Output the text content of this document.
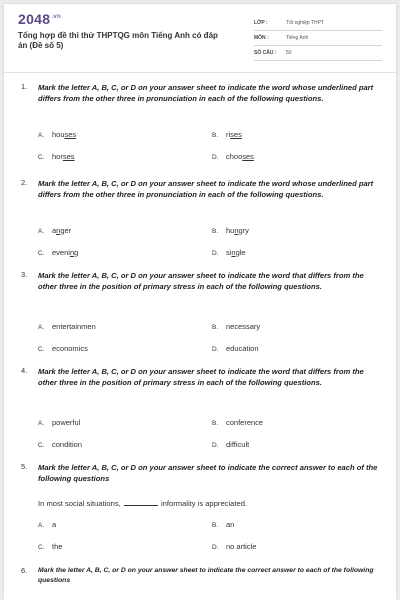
$2048^{.vn}$
Tổng hợp đề thi thử THPTQG môn Tiếng Anh có đáp án (Đề số 5)
LỚP :	Tốt nghiệp THPT
MÔN :	Tiếng Anh
SỐ CÂU : 50
1. Mark the letter A, B, C, or D on your answer sheet to indicate the word whose underlined part differs from the other three in pronunciation in each of the following questions.
A. houses	B. rises
C. horses	D. chooses
2. Mark the letter A, B, C, or D on your answer sheet to indicate the word whose underlined part differs from the other three in pronunciation in each of the following questions.
A. anger	B. hungry
C. evening	D. single
3. Mark the letter A, B, C, or D on your answer sheet to indicate the word that differs from the other three in the position of primary stress in each of the following questions.
A. entertainmen	B. necessary
C. economics	D. education
4. Mark the letter A, B, C, or D on your answer sheet to indicate the word that differs from the other three in the position of primary stress in each of the following questions.
A. powerful	B. conference
C. condition	D. difficult
5. Mark the letter A, B, C, or D on your answer sheet to indicate the correct answer to each of the following questions
In most social situations,	informality is appreciated.
A. a	B. an
C. the	D. no article
6. Mark the letter A, B, C, or D on your answer sheet to indicate the correct answer to each of the following questions
